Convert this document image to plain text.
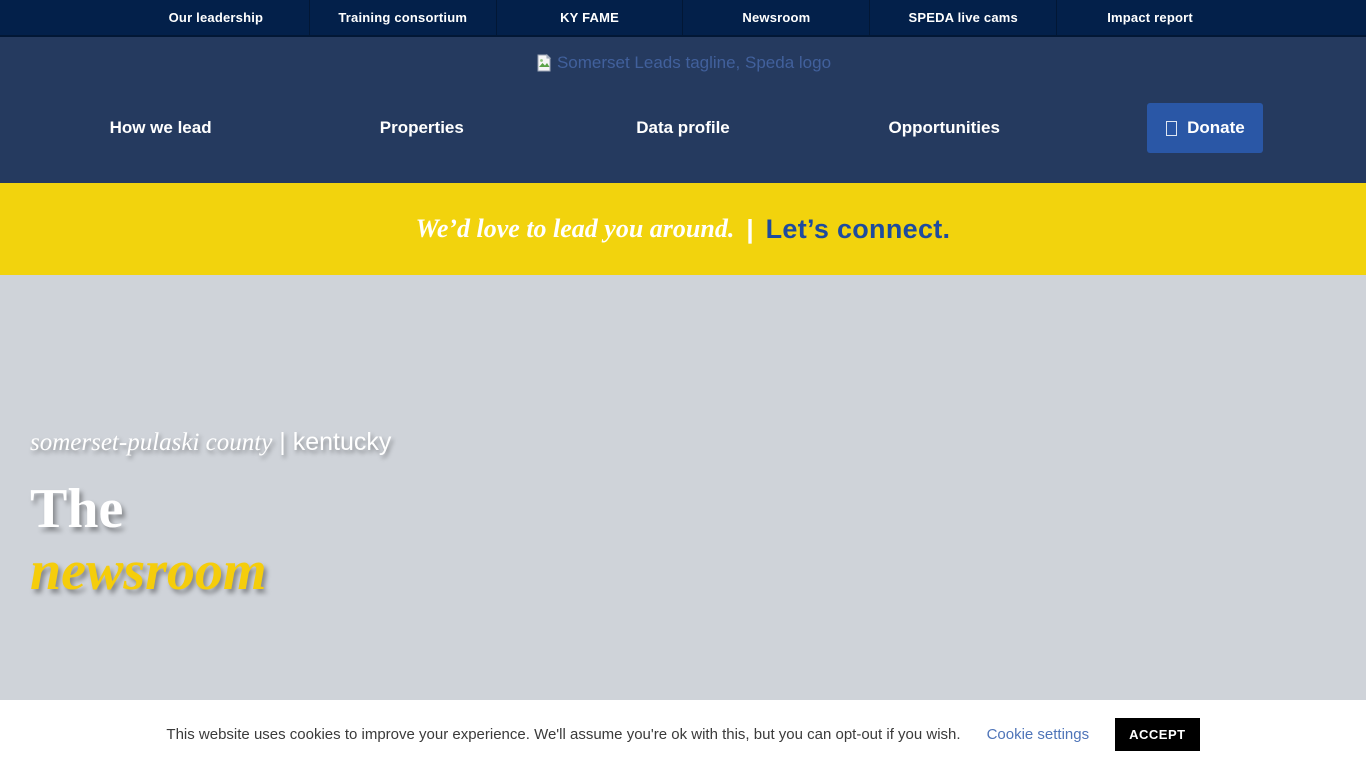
Our leadership	Training consortium	KY FAME	Newsroom	SPEDA live cams	Impact report
Somerset Leads tagline, Speda logo
How we lead	Properties	Data profile	Opportunities	Donate
We’d love to lead you around. | Let’s connect.
somerset-pulaski county | kentucky
The
newsroom
This website uses cookies to improve your experience. We'll assume you're ok with this, but you can opt-out if you wish. Cookie settings	ACCEPT
